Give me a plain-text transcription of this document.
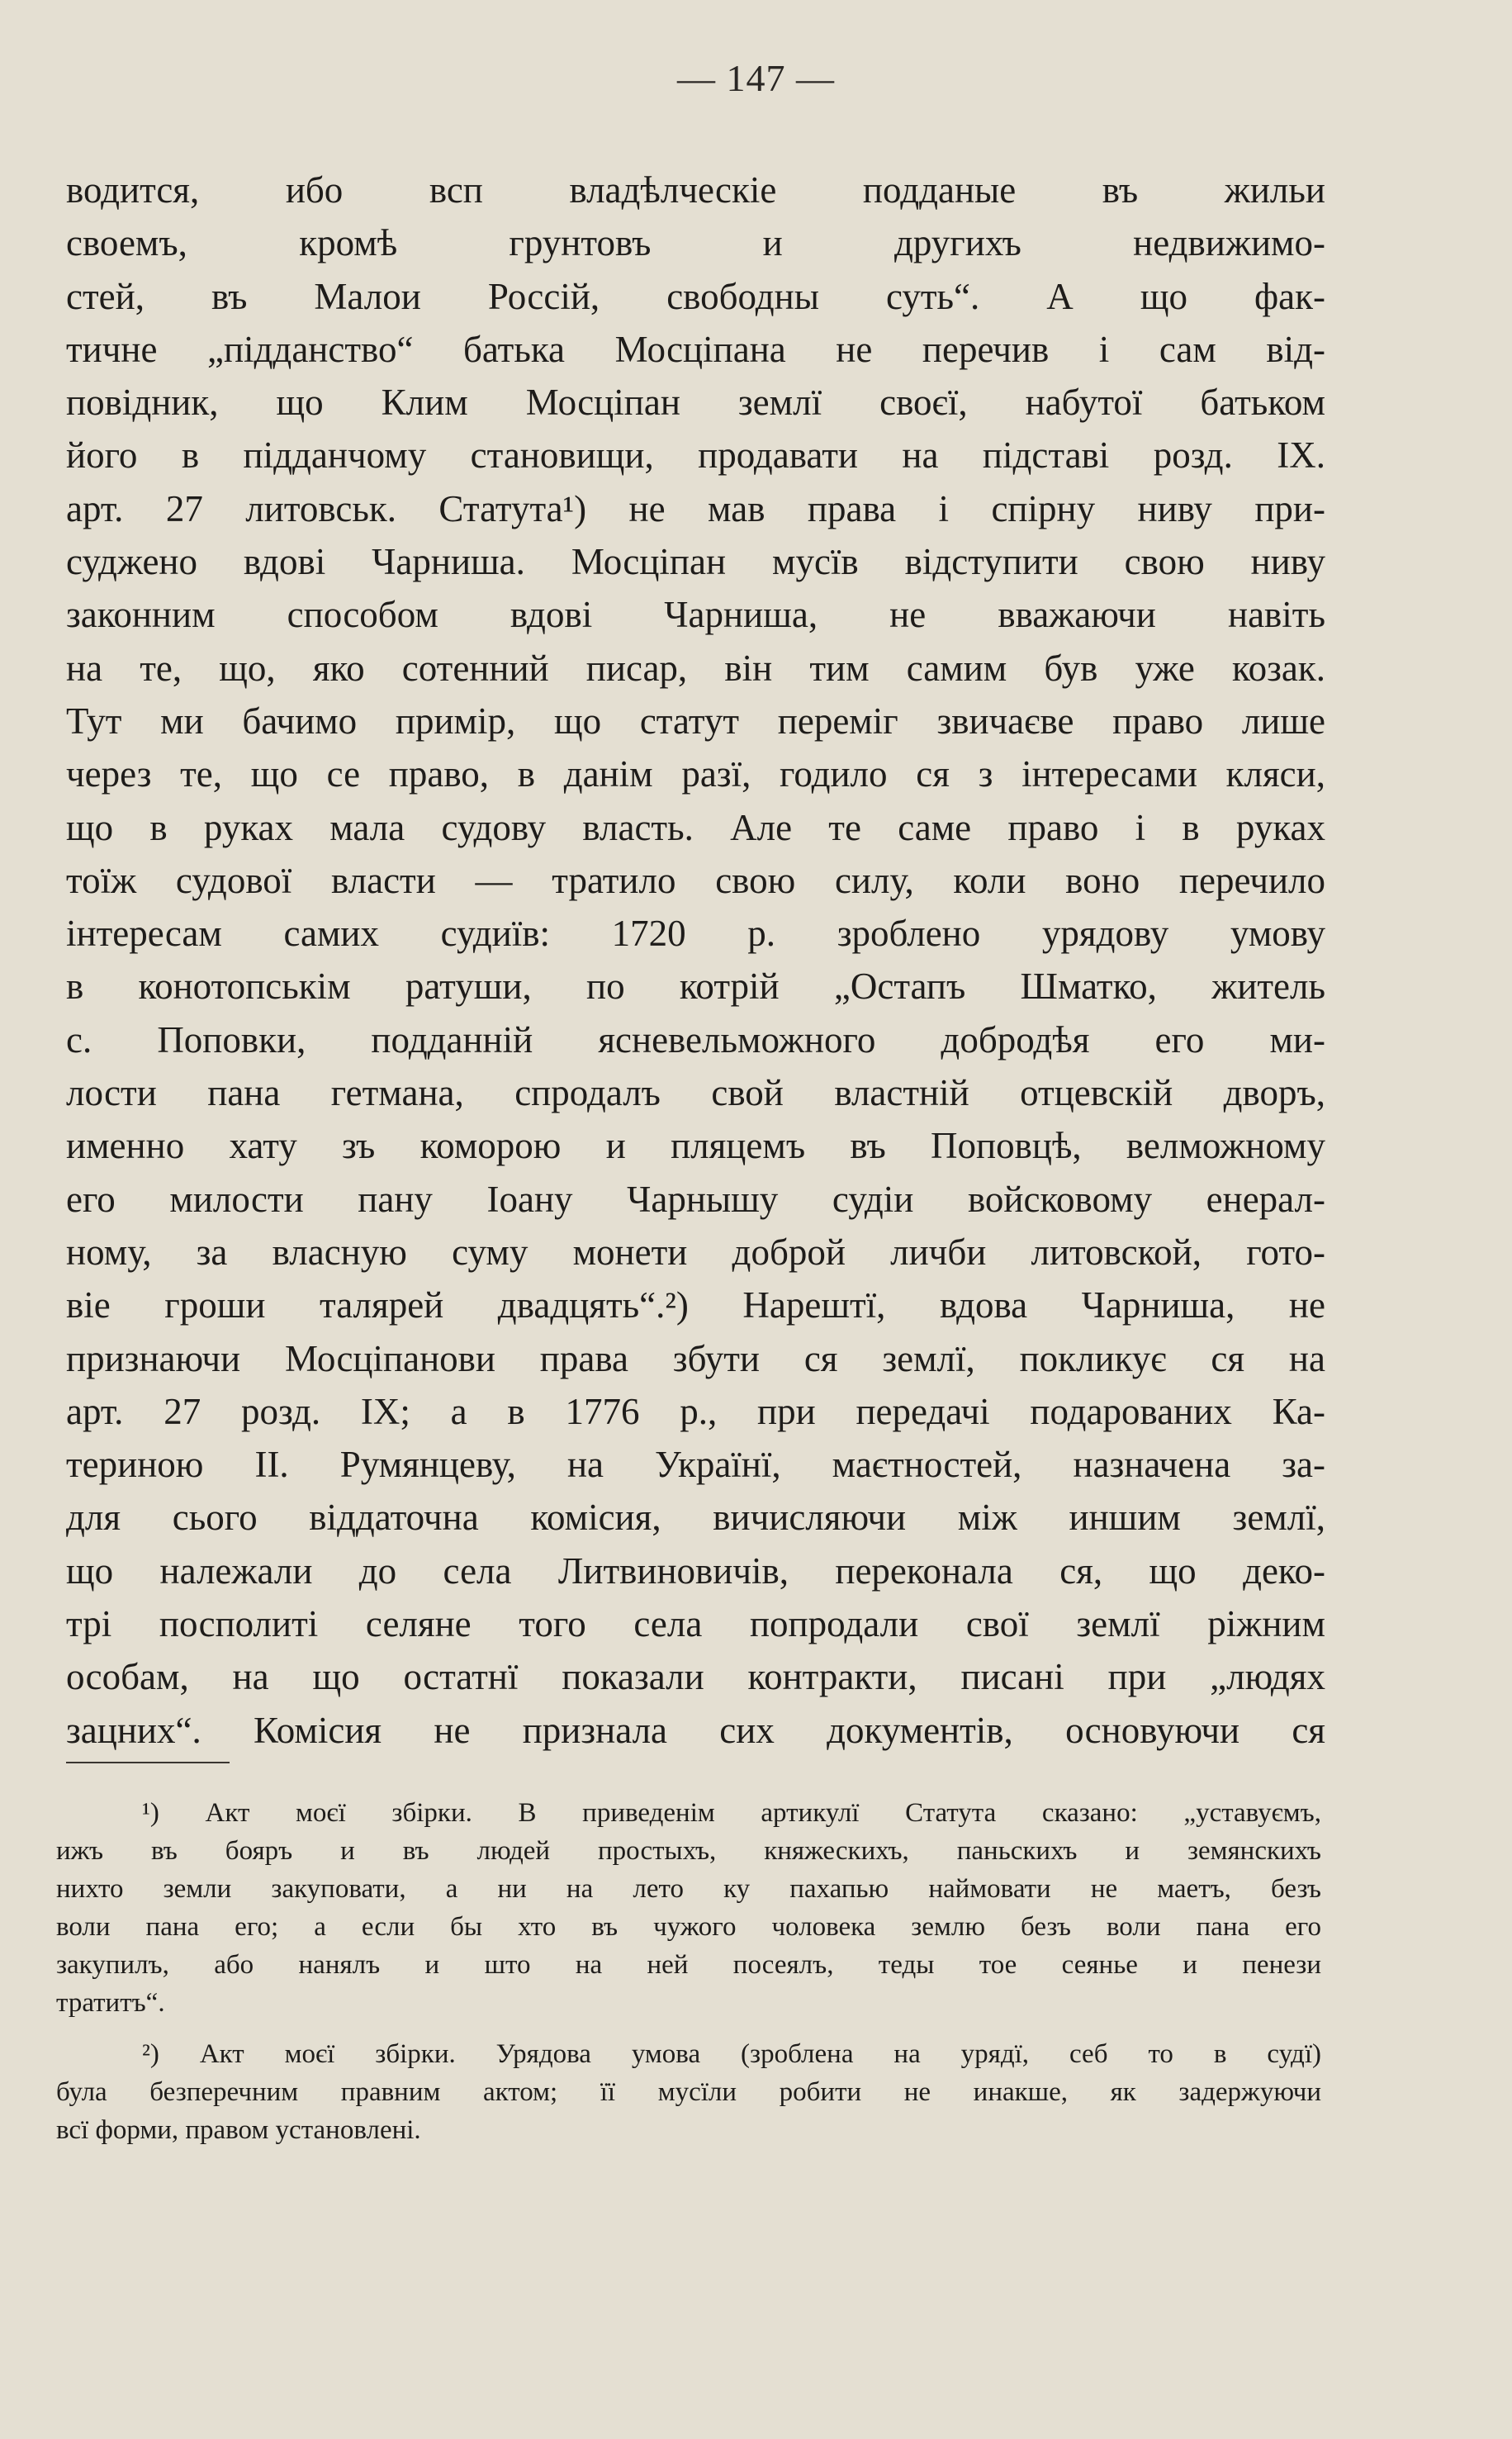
— 147 —
водится, ибо всп владѣлческіе подданые въ жильи
своемъ, кромѣ грунтовъ и другихъ недвижимо-
стей, въ Малои Россій, свободны суть“. А що фак-
тичне „підданство“ батька Мосціпана не перечив і сам від-
повідник, що Клим Мосціпан землї своєї, набутої батьком
його в підданчому становищи, продавати на підставі розд. IX.
арт. 27 литовськ. Статута¹) не мав права і спірну ниву при-
суджено вдові Чарниша. Мосціпан мусїв відступити свою ниву
законним способом вдові Чарниша, не вважаючи навіть
на те, що, яко сотенний писар, він тим самим був уже козак.
Тут ми бачимо примір, що статут переміг звичаєве право лише
через те, що се право, в данім разї, годило ся з інтересами кляси,
що в руках мала судову власть. Але те саме право і в руках
тоїж судової власти — тратило свою силу, коли воно перечило
інтересам самих судиїв: 1720 р. зроблено урядову умову
в конотопськім ратуши, по котрій „Остапъ Шматко, житель
с. Поповки, подданній ясневельможного добродѣя его ми-
лости пана гетмана, спродалъ свой властній отцевскій дворъ,
именно хату зъ коморою и пляцемъ въ Поповцѣ, велможному
его милости пану Іоану Чарнышу судіи войсковому енерал-
ному, за власную суму монети доброй личби литовской, гото-
віе гроши талярей двадцять“.²) Нарештї, вдова Чарниша, не
признаючи Мосціпанови права збути ся землї, покликує ся на
арт. 27 розд. IX; а в 1776 р., при передачі подарованих Ка-
териною II. Румянцеву, на Українї, маєтностей, назначена за-
для сього віддаточна комісия, вичисляючи між иншим землї,
що належали до села Литвиновичів, переконала ся, що деко-
трі посполиті селяне того села попродали свої землї ріжним
особам, на що остатнї показали контракти, писані при „людях
зацних“. Комісия не признала сих документів, основуючи ся
¹) Акт моєї збірки. В приведенім артикулї Статута сказано: „уставуємъ,
ижъ въ бояръ и въ людей простыхъ, княжескихъ, паньскихъ и земянскихъ
нихто земли закуповати, а ни на лето ку пахапью наймовати не маетъ, безъ
воли пана его; а если бы хто въ чужого чоловека землю безъ воли пана его
закупилъ, або нанялъ и што на ней посеялъ, теды тое сеянье и пенези
тратитъ“.
²) Акт моєї збірки. Урядова умова (зроблена на урядї, себ то в судї)
була безперечним правним актом; її мусїли робити не инакше, як задержуючи
всї форми, правом установлені.
